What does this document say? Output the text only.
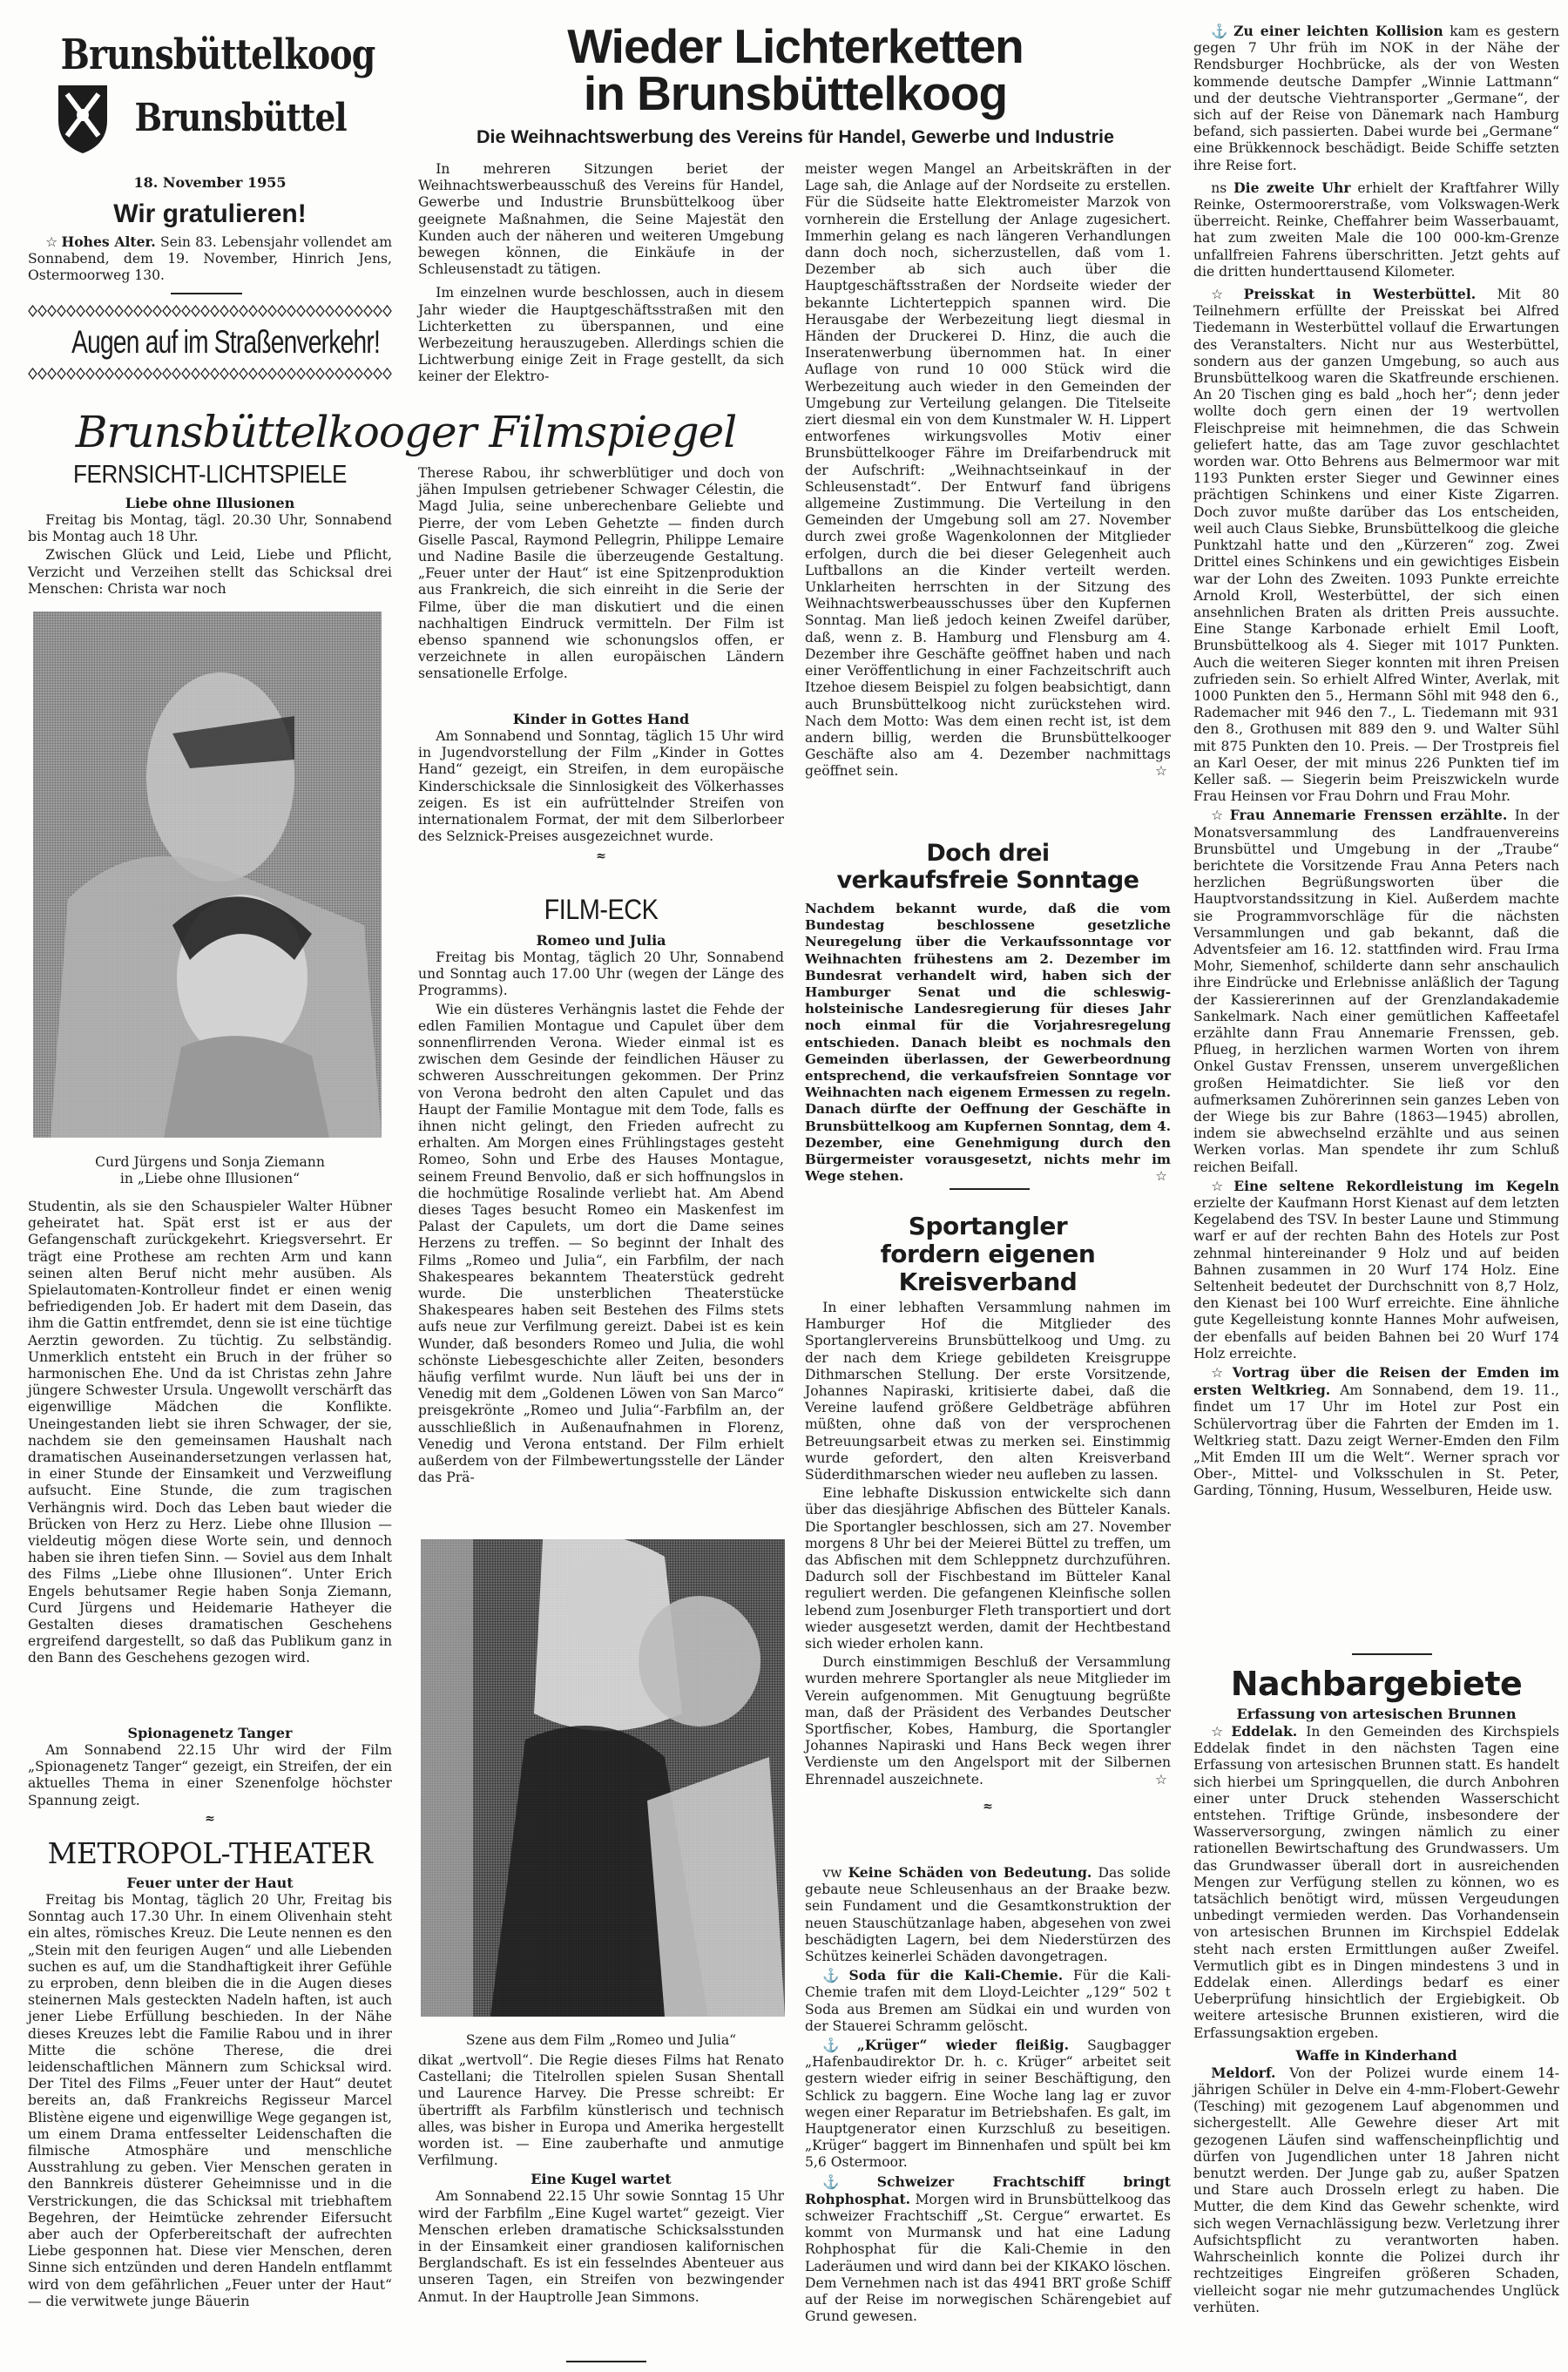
Brunsbüttelkoog
Brunsbüttel
18. November 1955
Wir gratulieren!

☆ Hohes Alter. Sein 83. Lebensjahr vollendet am Sonnabend, dem 19. November, Hinrich Jens, Ostermoorweg 130.

Augen auf im Straßenverkehr!
Wieder Lichterketten
in Brunsbüttelkoog
Die Weihnachtswerbung des Vereins für Handel, Gewerbe und Industrie

In mehreren Sitzungen beriet der Weihnachtswerbeausschuß des Vereins für Handel, Gewerbe und Industrie Brunsbüttelkoog über geeignete Maßnahmen, die Seine Majestät den Kunden auch der näheren und weiteren Umgebung bewegen können, die Einkäufe in der Schleusenstadt zu tätigen.

Im einzelnen wurde beschlossen, auch in diesem Jahr wieder die Hauptgeschäftsstraßen mit den Lichterketten zu überspannen, und eine Werbezeitung herauszugeben. Allerdings schien die Lichtwerbung einige Zeit in Frage gestellt, da sich keiner der Elektro-

meister wegen Mangel an Arbeitskräften in der Lage sah, die Anlage auf der Nordseite zu erstellen. Für die Südseite hatte Elektromeister Marzok von vornherein die Erstellung der Anlage zugesichert. Immerhin gelang es nach längeren Verhandlungen dann doch noch, sicherzustellen, daß vom 1. Dezember ab sich auch über die Hauptgeschäftsstraßen der Nordseite wieder der bekannte Lichterteppich spannen wird. Die Herausgabe der Werbezeitung liegt diesmal in Händen der Druckerei D. Hinz, die auch die Inseratenwerbung übernommen hat. In einer Auflage von rund 10 000 Stück wird die Werbezeitung auch wieder in den Gemeinden der Umgebung zur Verteilung gelangen. Die Titelseite ziert diesmal ein von dem Kunstmaler W. H. Lippert entworfenes wirkungsvolles Motiv einer Brunsbüttelkooger Fähre im Dreifarbendruck mit der Aufschrift: „Weihnachtseinkauf in der Schleusenstadt“. Der Entwurf fand übrigens allgemeine Zustimmung. Die Verteilung in den Gemeinden der Umgebung soll am 27. November durch zwei große Wagenkolonnen der Mitglieder erfolgen, durch die bei dieser Gelegenheit auch Luftballons an die Kinder verteilt werden. Unklarheiten herrschten in der Sitzung des Weihnachtswerbeausschusses über den Kupfernen Sonntag. Man ließ jedoch keinen Zweifel darüber, daß, wenn z. B. Hamburg und Flensburg am 4. Dezember ihre Geschäfte geöffnet haben und nach einer Veröffentlichung in einer Fachzeitschrift auch Itzehoe diesem Beispiel zu folgen beabsichtigt, dann auch Brunsbüttelkoog nicht zurückstehen wird. Nach dem Motto: Was dem einen recht ist, ist dem andern billig, werden die Brunsbüttelkooger Geschäfte also am 4. Dezember nachmittags geöffnet sein.	☆

Brunsbüttelkooger Filmspiegel
FERNSICHT-LICHTSPIELE
Liebe ohne Illusionen

Freitag bis Montag, tägl. 20.30 Uhr, Sonnabend bis Montag auch 18 Uhr.

Zwischen Glück und Leid, Liebe und Pflicht, Verzicht und Verzeihen stellt das Schicksal drei Menschen: Christa war noch

Curd Jürgens und Sonja Ziemann
in „Liebe ohne Illusionen“

Studentin, als sie den Schauspieler Walter Hübner geheiratet hat. Spät erst ist er aus der Gefangenschaft zurückgekehrt. Kriegsversehrt. Er trägt eine Prothese am rechten Arm und kann seinen alten Beruf nicht mehr ausüben. Als Spielautomaten-Kontrolleur findet er einen wenig befriedigenden Job. Er hadert mit dem Dasein, das ihm die Gattin entfremdet, denn sie ist eine tüchtige Aerztin geworden. Zu tüchtig. Zu selbständig. Unmerklich entsteht ein Bruch in der früher so harmonischen Ehe. Und da ist Christas zehn Jahre jüngere Schwester Ursula. Ungewollt verschärft das eigenwillige Mädchen die Konflikte. Uneingestanden liebt sie ihren Schwager, der sie, nachdem sie den gemeinsamen Haushalt nach dramatischen Auseinandersetzungen verlassen hat, in einer Stunde der Einsamkeit und Verzweiflung aufsucht. Eine Stunde, die zum tragischen Verhängnis wird. Doch das Leben baut wieder die Brücken von Herz zu Herz. Liebe ohne Illusion — vieldeutig mögen diese Worte sein, und dennoch haben sie ihren tiefen Sinn. — Soviel aus dem Inhalt des Films „Liebe ohne Illusionen“. Unter Erich Engels behutsamer Regie haben Sonja Ziemann, Curd Jürgens und Heidemarie Hatheyer die Gestalten dieses dramatischen Geschehens ergreifend dargestellt, so daß das Publikum ganz in den Bann des Geschehens gezogen wird.

Spionagenetz Tanger

Am Sonnabend 22.15 Uhr wird der Film „Spionagenetz Tanger“ gezeigt, ein Streifen, der ein aktuelles Thema in einer Szenenfolge höchster Spannung zeigt.

≈
METROPOL-THEATER
Feuer unter der Haut

Freitag bis Montag, täglich 20 Uhr, Freitag bis Sonntag auch 17.30 Uhr. In einem Olivenhain steht ein altes, römisches Kreuz. Die Leute nennen es den „Stein mit den feurigen Augen“ und alle Liebenden suchen es auf, um die Standhaftigkeit ihrer Gefühle zu erproben, denn bleiben die in die Augen dieses steinernen Mals gesteckten Nadeln haften, ist auch jener Liebe Erfüllung beschieden. In der Nähe dieses Kreuzes lebt die Familie Rabou und in ihrer Mitte die schöne Therese, die drei leidenschaftlichen Männern zum Schicksal wird. Der Titel des Films „Feuer unter der Haut“ deutet bereits an, daß Frankreichs Regisseur Marcel Blistène eigene und eigenwillige Wege gegangen ist, um einem Drama entfesselter Leidenschaften die filmische Atmosphäre und menschliche Ausstrahlung zu geben. Vier Menschen geraten in den Bannkreis düsterer Geheimnisse und in die Verstrickungen, die das Schicksal mit triebhaftem Begehren, der Heimtücke zehrender Eifersucht aber auch der Opferbereitschaft der aufrechten Liebe gesponnen hat. Diese vier Menschen, deren Sinne sich entzünden und deren Handeln entflammt wird von dem gefährlichen „Feuer unter der Haut“ — die verwitwete junge Bäuerin

Therese Rabou, ihr schwerblütiger und doch von jähen Impulsen getriebener Schwager Célestin, die Magd Julia, seine unberechenbare Geliebte und Pierre, der vom Leben Gehetzte — finden durch Giselle Pascal, Raymond Pellegrin, Philippe Lemaire und Nadine Basile die überzeugende Gestaltung. „Feuer unter der Haut“ ist eine Spitzenproduktion aus Frankreich, die sich einreiht in die Serie der Filme, über die man diskutiert und die einen nachhaltigen Eindruck vermitteln. Der Film ist ebenso spannend wie schonungslos offen, er verzeichnete in allen europäischen Ländern sensationelle Erfolge.

Kinder in Gottes Hand

Am Sonnabend und Sonntag, täglich 15 Uhr wird in Jugendvorstellung der Film „Kinder in Gottes Hand“ gezeigt, ein Streifen, in dem europäische Kinderschicksale die Sinnlosigkeit des Völkerhasses zeigen. Es ist ein aufrüttelnder Streifen von internationalem Format, der mit dem Silberlorbeer des Selznick-Preises ausgezeichnet wurde.

≈
FILM-ECK
Romeo und Julia

Freitag bis Montag, täglich 20 Uhr, Sonnabend und Sonntag auch 17.00 Uhr (wegen der Länge des Programms).

Wie ein düsteres Verhängnis lastet die Fehde der edlen Familien Montague und Capulet über dem sonnenflirrenden Verona. Wieder einmal ist es zwischen dem Gesinde der feindlichen Häuser zu schweren Ausschreitungen gekommen. Der Prinz von Verona bedroht den alten Capulet und das Haupt der Familie Montague mit dem Tode, falls es ihnen nicht gelingt, den Frieden aufrecht zu erhalten. Am Morgen eines Frühlingstages gesteht Romeo, Sohn und Erbe des Hauses Montague, seinem Freund Benvolio, daß er sich hoffnungslos in die hochmütige Rosalinde verliebt hat. Am Abend dieses Tages besucht Romeo ein Maskenfest im Palast der Capulets, um dort die Dame seines Herzens zu treffen. — So beginnt der Inhalt des Films „Romeo und Julia“, ein Farbfilm, der nach Shakespeares bekanntem Theaterstück gedreht wurde. Die unsterblichen Theaterstücke Shakespeares haben seit Bestehen des Films stets aufs neue zur Verfilmung gereizt. Dabei ist es kein Wunder, daß besonders Romeo und Julia, die wohl schönste Liebesgeschichte aller Zeiten, besonders häufig verfilmt wurde. Nun läuft bei uns der in Venedig mit dem „Goldenen Löwen von San Marco“ preisgekrönte „Romeo und Julia“-Farbfilm an, der ausschließlich in Außenaufnahmen in Florenz, Venedig und Verona entstand. Der Film erhielt außerdem von der Filmbewertungsstelle der Länder das Prä-

Szene aus dem Film „Romeo und Julia“

dikat „wertvoll“. Die Regie dieses Films hat Renato Castellani; die Titelrollen spielen Susan Shentall und Laurence Harvey. Die Presse schreibt: Er übertrifft als Farbfilm künstlerisch und technisch alles, was bisher in Europa und Amerika hergestellt worden ist. — Eine zauberhafte und anmutige Verfilmung.

Eine Kugel wartet

Am Sonnabend 22.15 Uhr sowie Sonntag 15 Uhr wird der Farbfilm „Eine Kugel wartet“ gezeigt. Vier Menschen erleben dramatische Schicksalsstunden in der Einsamkeit einer grandiosen kalifornischen Berglandschaft. Es ist ein fesselndes Abenteuer aus unseren Tagen, ein Streifen von bezwingender Anmut. In der Hauptrolle Jean Simmons.

Doch drei
verkaufsfreie Sonntage

Nachdem bekannt wurde, daß die vom Bundestag beschlossene gesetzliche Neuregelung über die Verkaufssonntage vor Weihnachten frühestens am 2. Dezember im Bundesrat verhandelt wird, haben sich der Hamburger Senat und die schleswig-holsteinische Landesregierung für dieses Jahr noch einmal für die Vorjahresregelung entschieden. Danach bleibt es nochmals den Gemeinden überlassen, der Gewerbeordnung entsprechend, die verkaufsfreien Sonntage vor Weihnachten nach eigenem Ermessen zu regeln. Danach dürfte der Oeffnung der Geschäfte in Brunsbüttelkoog am Kupfernen Sonntag, dem 4. Dezember, eine Genehmigung durch den Bürgermeister vorausgesetzt, nichts mehr im Wege stehen.	☆

Sportangler
fordern eigenen Kreisverband

In einer lebhaften Versammlung nahmen im Hamburger Hof die Mitglieder des Sportanglervereins Brunsbüttelkoog und Umg. zu der nach dem Kriege gebildeten Kreisgruppe Dithmarschen Stellung. Der erste Vorsitzende, Johannes Napiraski, kritisierte dabei, daß die Vereine laufend größere Geldbeträge abführen müßten, ohne daß von der versprochenen Betreuungsarbeit etwas zu merken sei. Einstimmig wurde gefordert, den alten Kreisverband Süderdithmarschen wieder neu aufleben zu lassen.

Eine lebhafte Diskussion entwickelte sich dann über das diesjährige Abfischen des Bütteler Kanals. Die Sportangler beschlossen, sich am 27. November morgens 8 Uhr bei der Meierei Büttel zu treffen, um das Abfischen mit dem Schleppnetz durchzuführen. Dadurch soll der Fischbestand im Bütteler Kanal reguliert werden. Die gefangenen Kleinfische sollen lebend zum Josenburger Fleth transportiert und dort wieder ausgesetzt werden, damit der Hechtbestand sich wieder erholen kann.

Durch einstimmigen Beschluß der Versammlung wurden mehrere Sportangler als neue Mitglieder im Verein aufgenommen. Mit Genugtuung begrüßte man, daß der Präsident des Verbandes Deutscher Sportfischer, Kobes, Hamburg, die Sportangler Johannes Napiraski und Hans Beck wegen ihrer Verdienste um den Angelsport mit der Silbernen Ehrennadel auszeichnete.	☆

≈

vw Keine Schäden von Bedeutung. Das solide gebaute neue Schleusenhaus an der Braake bezw. sein Fundament und die Gesamtkonstruktion der neuen Stauschützanlage haben, abgesehen von zwei beschädigten Lagern, bei dem Niederstürzen des Schützes keinerlei Schäden davongetragen.

⚓ Soda für die Kali-Chemie. Für die Kali-Chemie trafen mit dem Lloyd-Leichter „129“ 502 t Soda aus Bremen am Südkai ein und wurden von der Stauerei Schramm gelöscht.

⚓ „Krüger“ wieder fleißig. Saugbagger „Hafenbaudirektor Dr. h. c. Krüger“ arbeitet seit gestern wieder eifrig in seiner Beschäftigung, den Schlick zu baggern. Eine Woche lang lag er zuvor wegen einer Reparatur im Betriebshafen. Es galt, im Hauptgenerator einen Kurzschluß zu beseitigen. „Krüger“ baggert im Binnenhafen und spült bei km 5,6 Ostermoor.

⚓ Schweizer Frachtschiff bringt Rohphosphat. Morgen wird in Brunsbüttelkoog das schweizer Frachtschiff „St. Cergue“ erwartet. Es kommt von Murmansk und hat eine Ladung Rohphosphat für die Kali-Chemie in den Laderäumen und wird dann bei der KIKAKO löschen. Dem Vernehmen nach ist das 4941 BRT große Schiff auf der Reise im norwegischen Schärengebiet auf Grund gewesen.

⚓ Zu einer leichten Kollision kam es gestern gegen 7 Uhr früh im NOK in der Nähe der Rendsburger Hochbrücke, als der von Westen kommende deutsche Dampfer „Winnie Lattmann“ und der deutsche Viehtransporter „Germane“, der sich auf der Reise von Dänemark nach Hamburg befand, sich passierten. Dabei wurde bei „Germane“ eine Brükkennock beschädigt. Beide Schiffe setzten ihre Reise fort.

ns Die zweite Uhr erhielt der Kraftfahrer Willy Reinke, Ostermoorerstraße, vom Volkswagen-Werk überreicht. Reinke, Cheffahrer beim Wasserbauamt, hat zum zweiten Male die 100 000-km-Grenze unfallfreien Fahrens überschritten. Jetzt gehts auf die dritten hunderttausend Kilometer.

☆ Preisskat in Westerbüttel. Mit 80 Teilnehmern erfüllte der Preisskat bei Alfred Tiedemann in Westerbüttel vollauf die Erwartungen des Veranstalters. Nicht nur aus Westerbüttel, sondern aus der ganzen Umgebung, so auch aus Brunsbüttelkoog waren die Skatfreunde erschienen. An 20 Tischen ging es bald „hoch her“; denn jeder wollte doch gern einen der 19 wertvollen Fleischpreise mit heimnehmen, die das Schwein geliefert hatte, das am Tage zuvor geschlachtet worden war. Otto Behrens aus Belmermoor war mit 1193 Punkten erster Sieger und Gewinner eines prächtigen Schinkens und einer Kiste Zigarren. Doch zuvor mußte darüber das Los entscheiden, weil auch Claus Siebke, Brunsbüttelkoog die gleiche Punktzahl hatte und den „Kürzeren“ zog. Zwei Drittel eines Schinkens und ein gewichtiges Eisbein war der Lohn des Zweiten. 1093 Punkte erreichte Arnold Kroll, Westerbüttel, der sich einen ansehnlichen Braten als dritten Preis aussuchte. Eine Stange Karbonade erhielt Emil Looft, Brunsbüttelkoog als 4. Sieger mit 1017 Punkten. Auch die weiteren Sieger konnten mit ihren Preisen zufrieden sein. So erhielt Alfred Winter, Averlak, mit 1000 Punkten den 5., Hermann Söhl mit 948 den 6., Rademacher mit 946 den 7., L. Tiedemann mit 931 den 8., Grothusen mit 889 den 9. und Walter Sühl mit 875 Punkten den 10. Preis. — Der Trostpreis fiel an Karl Oeser, der mit minus 226 Punkten tief im Keller saß. — Siegerin beim Preiszwickeln wurde Frau Heinsen vor Frau Dohrn und Frau Mohr.

☆ Frau Annemarie Frenssen erzählte. In der Monatsversammlung des Landfrauenvereins Brunsbüttel und Umgebung in der „Traube“ berichtete die Vorsitzende Frau Anna Peters nach herzlichen Begrüßungsworten über die Hauptvorstandssitzung in Kiel. Außerdem machte sie Programmvorschläge für die nächsten Versammlungen und gab bekannt, daß die Adventsfeier am 16. 12. stattfinden wird. Frau Irma Mohr, Siemenhof, schilderte dann sehr anschaulich ihre Eindrücke und Erlebnisse anläßlich der Tagung der Kassiererinnen auf der Grenzlandakademie Sankelmark. Nach einer gemütlichen Kaffeetafel erzählte dann Frau Annemarie Frenssen, geb. Pflueg, in herzlichen warmen Worten von ihrem Onkel Gustav Frenssen, unserem unvergeßlichen großen Heimatdichter. Sie ließ vor den aufmerksamen Zuhörerinnen sein ganzes Leben von der Wiege bis zur Bahre (1863—1945) abrollen, indem sie abwechselnd erzählte und aus seinen Werken vorlas. Man spendete ihr zum Schluß reichen Beifall.

☆ Eine seltene Rekordleistung im Kegeln erzielte der Kaufmann Horst Kienast auf dem letzten Kegelabend des TSV. In bester Laune und Stimmung warf er auf der rechten Bahn des Hotels zur Post zehnmal hintereinander 9 Holz und auf beiden Bahnen zusammen in 20 Wurf 174 Holz. Eine Seltenheit bedeutet der Durchschnitt von 8,7 Holz, den Kienast bei 100 Wurf erreichte. Eine ähnliche gute Kegelleistung konnte Hannes Mohr aufweisen, der ebenfalls auf beiden Bahnen bei 20 Wurf 174 Holz erreichte.

☆ Vortrag über die Reisen der Emden im ersten Weltkrieg. Am Sonnabend, dem 19. 11., findet um 17 Uhr im Hotel zur Post ein Schülervortrag über die Fahrten der Emden im 1. Weltkrieg statt. Dazu zeigt Werner-Emden den Film „Mit Emden III um die Welt“. Werner sprach vor Ober-, Mittel- und Volksschulen in St. Peter, Garding, Tönning, Husum, Wesselburen, Heide usw.

Nachbargebiete
Erfassung von artesischen Brunnen

☆ Eddelak. In den Gemeinden des Kirchspiels Eddelak findet in den nächsten Tagen eine Erfassung von artesischen Brunnen statt. Es handelt sich hierbei um Springquellen, die durch Anbohren einer unter Druck stehenden Wasserschicht entstehen. Triftige Gründe, insbesondere der Wasserversorgung, zwingen nämlich zu einer rationellen Bewirtschaftung des Grundwassers. Um das Grundwasser überall dort in ausreichenden Mengen zur Verfügung stellen zu können, wo es tatsächlich benötigt wird, müssen Vergeudungen unbedingt vermieden werden. Das Vorhandensein von artesischen Brunnen im Kirchspiel Eddelak steht nach ersten Ermittlungen außer Zweifel. Vermutlich gibt es in Dingen mindestens 3 und in Eddelak einen. Allerdings bedarf es einer Ueberprüfung hinsichtlich der Ergiebigkeit. Ob weitere artesische Brunnen existieren, wird die Erfassungsaktion ergeben.

Waffe in Kinderhand

Meldorf. Von der Polizei wurde einem 14-jährigen Schüler in Delve ein 4-mm-Flobert-Gewehr (Tesching) mit gezogenem Lauf abgenommen und sichergestellt. Alle Gewehre dieser Art mit gezogenen Läufen sind waffenscheinpflichtig und dürfen von Jugendlichen unter 18 Jahren nicht benutzt werden. Der Junge gab zu, außer Spatzen und Stare auch Drosseln erlegt zu haben. Die Mutter, die dem Kind das Gewehr schenkte, wird sich wegen Vernachlässigung bezw. Verletzung ihrer Aufsichtspflicht zu verantworten haben. Wahrscheinlich konnte die Polizei durch ihr rechtzeitiges Eingreifen größeren Schaden, vielleicht sogar nie mehr gutzumachendes Unglück verhüten.
